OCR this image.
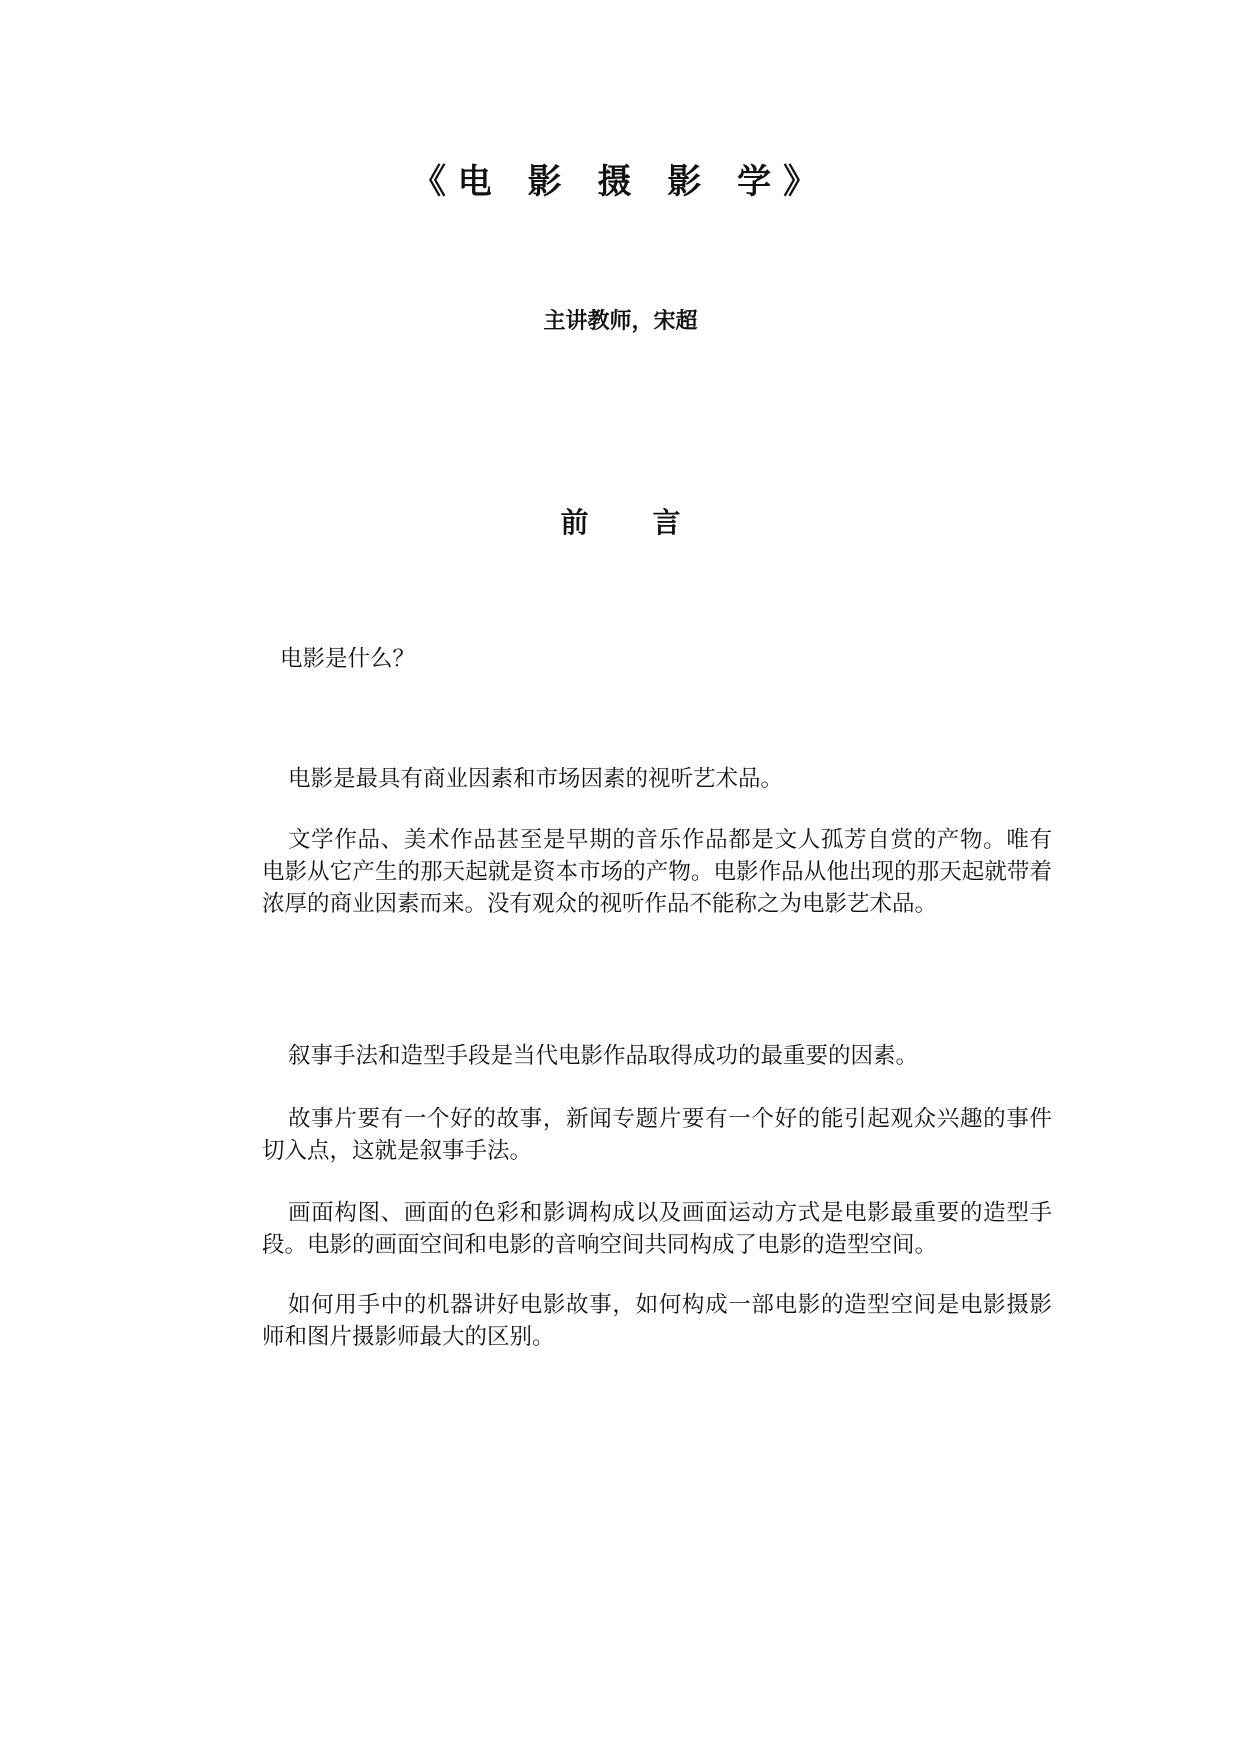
《电 影 摄 影 学》

主讲教师，宋超

前言

电影是什么？

电影是最具有商业因素和市场因素的视听艺术品。

文学作品、美术作品甚至是早期的音乐作品都是文人孤芳自赏的产物。唯有电影从它产生的那天起就是资本市场的产物。电影作品从他出现的那天起就带着浓厚的商业因素而来。没有观众的视听作品不能称之为电影艺术品。

叙事手法和造型手段是当代电影作品取得成功的最重要的因素。

故事片要有一个好的故事，新闻专题片要有一个好的能引起观众兴趣的事件切入点，这就是叙事手法。

画面构图、画面的色彩和影调构成以及画面运动方式是电影最重要的造型手段。电影的画面空间和电影的音响空间共同构成了电影的造型空间。

如何用手中的机器讲好电影故事，如何构成一部电影的造型空间是电影摄影师和图片摄影师最大的区别。
